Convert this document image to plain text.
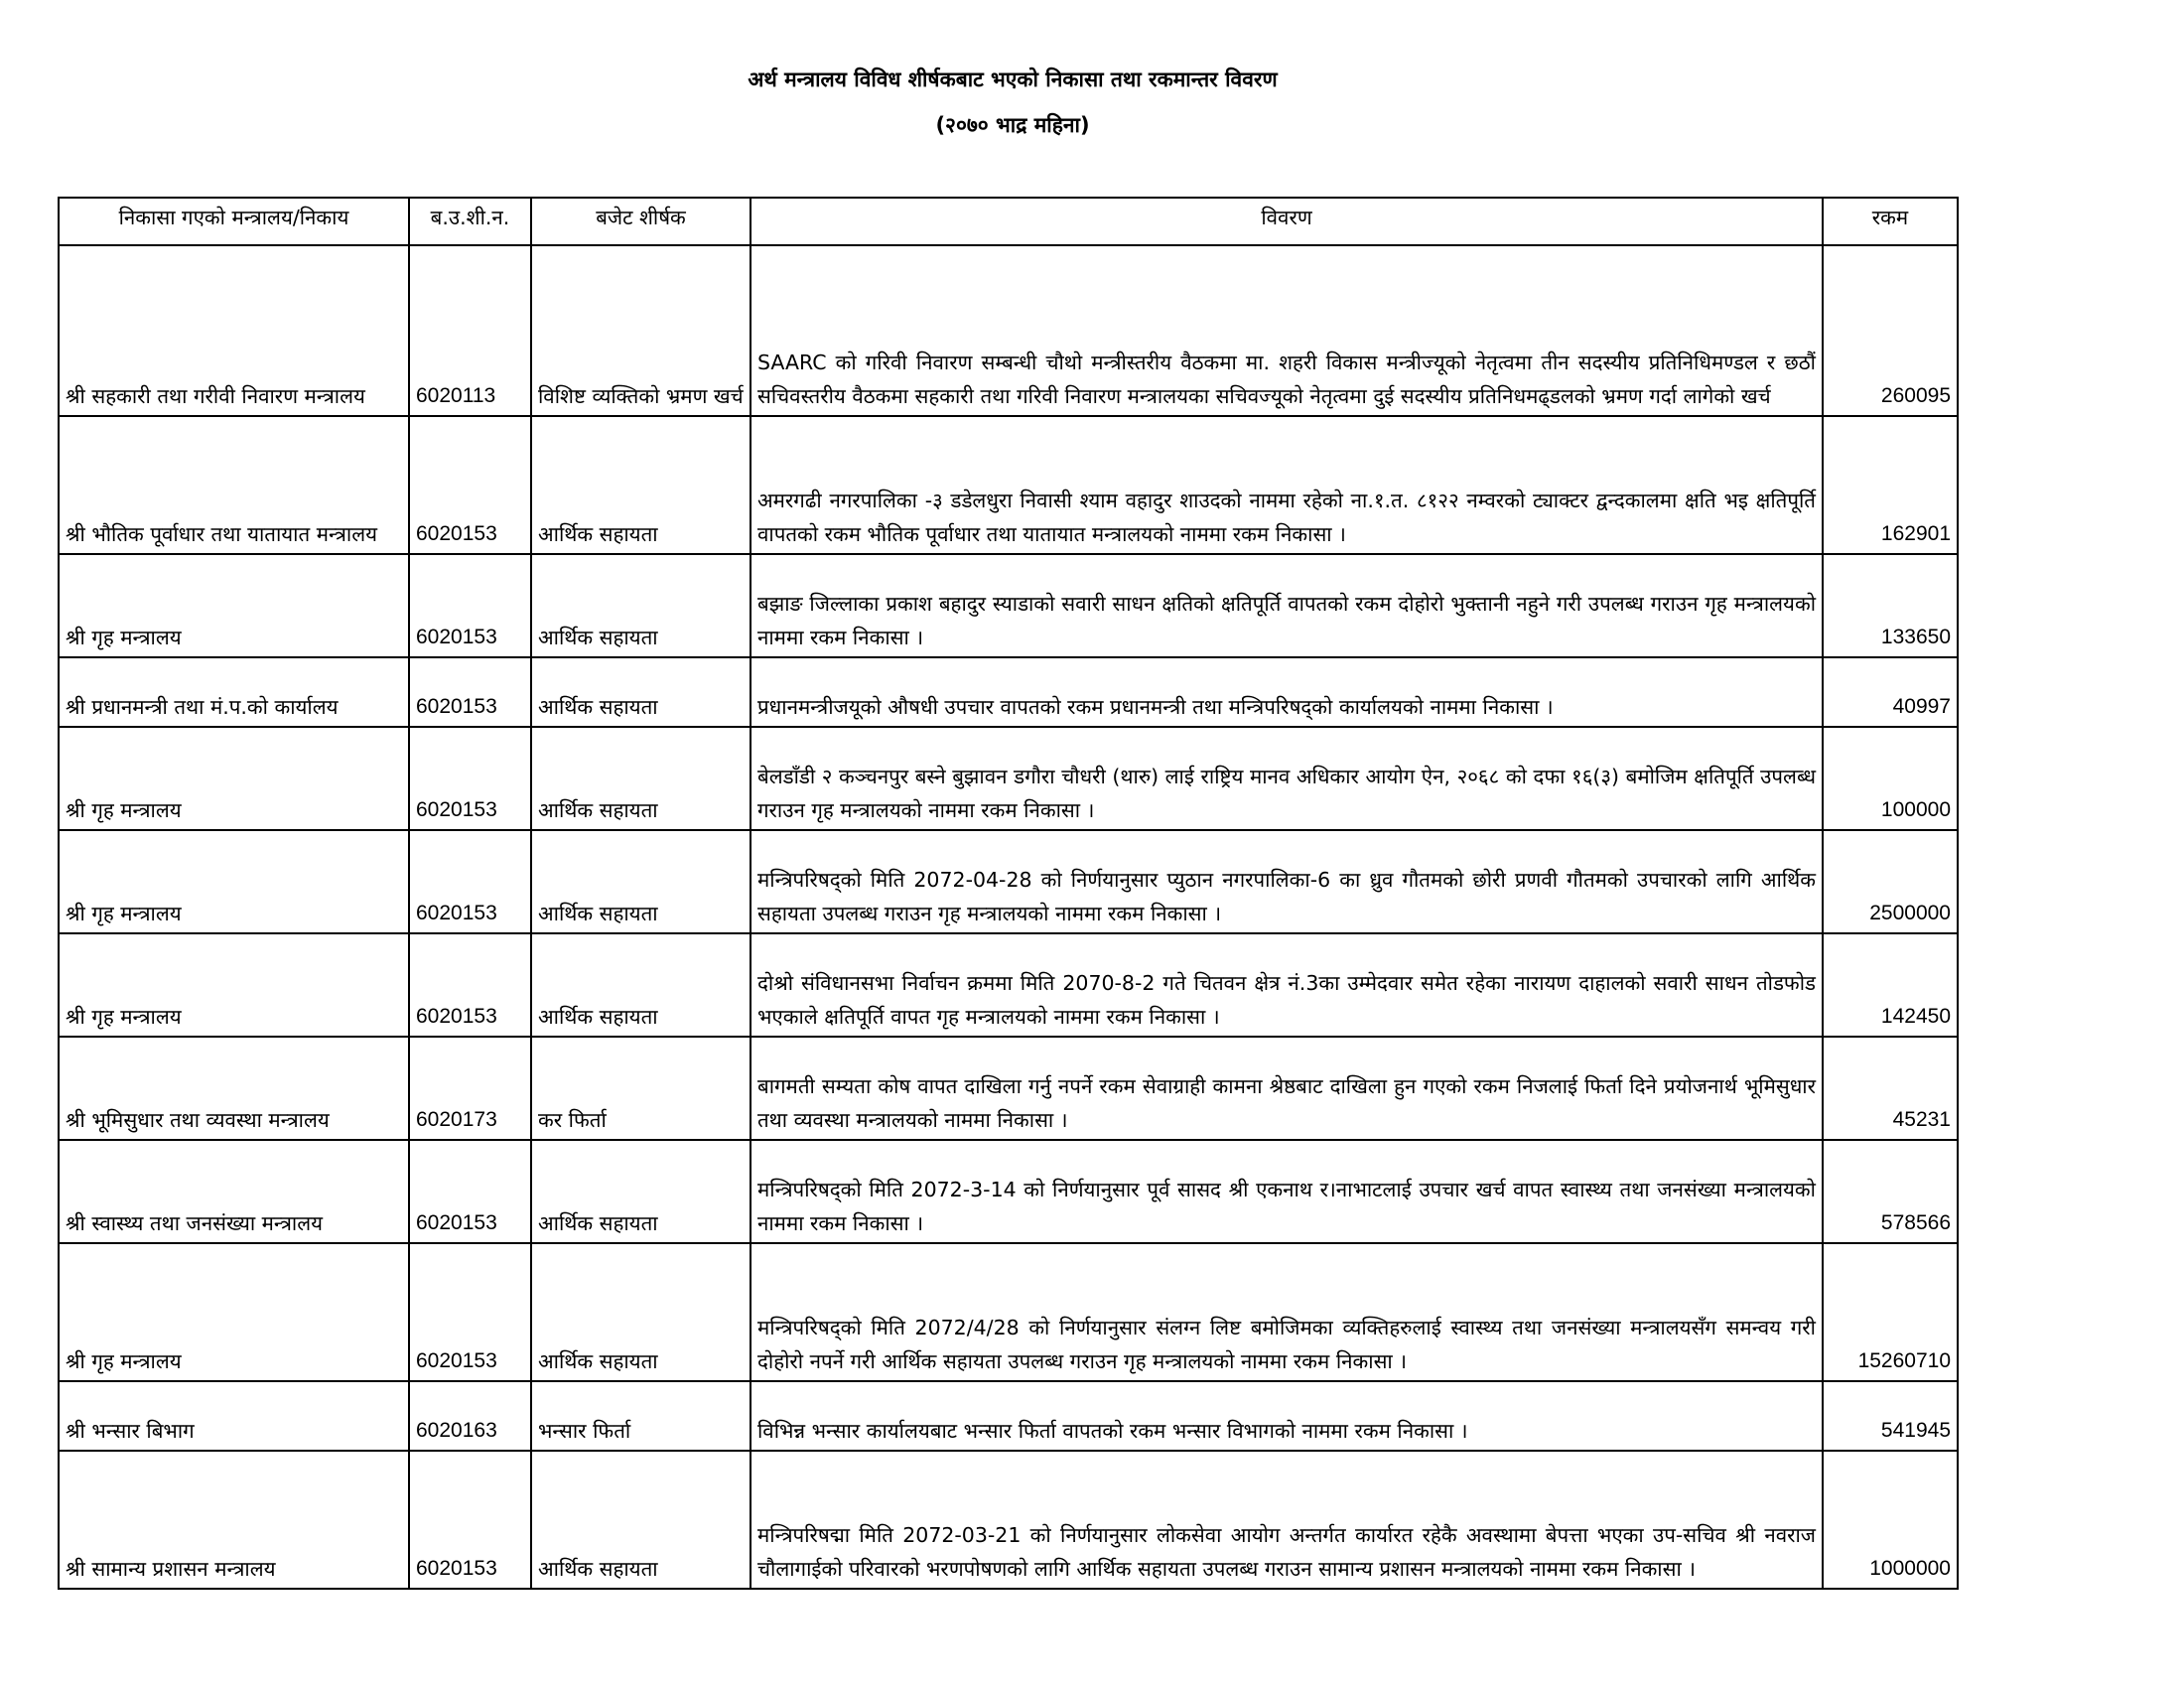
अर्थ मन्त्रालय विविध शीर्षकबाट भएको निकासा तथा रकमान्तर विवरण
(२०७० भाद्र महिना)
निकासा गएको मन्त्रालय/निकाय	ब.उ.शी.न.	बजेट शीर्षक	विवरण	रकम
श्री सहकारी तथा गरीवी निवारण मन्त्रालय	6020113	विशिष्ट व्यक्तिको भ्रमण खर्च	SAARC को गरिवी निवारण सम्बन्धी चौथो मन्त्रीस्तरीय वैठकमा मा. शहरी विकास मन्त्रीज्यूको नेतृत्वमा तीन सदस्यीय प्रतिनिधिमण्डल र छठौं सचिवस्तरीय वैठकमा सहकारी तथा गरिवी निवारण मन्त्रालयका सचिवज्यूको नेतृत्वमा दुई सदस्यीय प्रतिनिधमढ्डलको भ्रमण गर्दा लागेको खर्च	260095
श्री भौतिक पूर्वाधार तथा यातायात मन्त्रालय	6020153	आर्थिक सहायता	अमरगढी नगरपालिका -३ डडेलधुरा निवासी श्याम वहादुर शाउदको नाममा रहेको ना.१.त. ८१२२ नम्वरको ट्याक्टर द्वन्दकालमा क्षति भइ क्षतिपूर्ति वापतको रकम भौतिक पूर्वाधार तथा यातायात मन्त्रालयको नाममा रकम निकासा ।	162901
श्री गृह मन्त्रालय	6020153	आर्थिक सहायता	बझाङ जिल्लाका प्रकाश बहादुर स्याडाको सवारी साधन क्षतिको क्षतिपूर्ति वापतको रकम दोहोरो भुक्तानी नहुने गरी उपलब्ध गराउन गृह मन्त्रालयको नाममा रकम निकासा ।	133650
श्री प्रधानमन्त्री तथा मं.प.को कार्यालय	6020153	आर्थिक सहायता	प्रधानमन्त्रीजयूको औषधी उपचार वापतको रकम प्रधानमन्त्री तथा मन्त्रिपरिषद्को कार्यालयको नाममा निकासा ।	40997
श्री गृह मन्त्रालय	6020153	आर्थिक सहायता	बेलडाँडी २ कञ्चनपुर बस्ने बुझावन डगौरा चौधरी (थारु) लाई राष्ट्रिय मानव अधिकार आयोग ऐन, २०६८ को दफा १६(३) बमोजिम क्षतिपूर्ति उपलब्ध गराउन गृह मन्त्रालयको नाममा रकम निकासा ।	100000
श्री गृह मन्त्रालय	6020153	आर्थिक सहायता	मन्त्रिपरिषद्को मिति 2072-04-28 को निर्णयानुसार प्युठान नगरपालिका-6 का ध्रुव गौतमको छोरी प्रणवी गौतमको उपचारको लागि आर्थिक सहायता उपलब्ध गराउन गृह मन्त्रालयको नाममा रकम निकासा ।	2500000
श्री गृह मन्त्रालय	6020153	आर्थिक सहायता	दोश्रो संविधानसभा निर्वाचन क्रममा मिति 2070-8-2 गते चितवन क्षेत्र नं.3का उम्मेदवार समेत रहेका नारायण दाहालको सवारी साधन तोडफोड भएकाले क्षतिपूर्ति वापत गृह मन्त्रालयको नाममा रकम निकासा ।	142450
श्री भूमिसुधार तथा व्यवस्था मन्त्रालय	6020173	कर फिर्ता	बागमती सम्यता कोष वापत दाखिला गर्नु नपर्ने रकम सेवाग्राही कामना श्रेष्ठबाट दाखिला हुन गएको रकम निजलाई फिर्ता दिने प्रयोजनार्थ भूमिसुधार तथा व्यवस्था मन्त्रालयको नाममा निकासा ।	45231
श्री स्वास्थ्य तथा जनसंख्या मन्त्रालय	6020153	आर्थिक सहायता	मन्त्रिपरिषद्को मिति 2072-3-14 को निर्णयानुसार पूर्व सासद श्री एकनाथ र।नाभाटलाई उपचार खर्च वापत स्वास्थ्य तथा जनसंख्या मन्त्रालयको नाममा रकम निकासा ।	578566
श्री गृह मन्त्रालय	6020153	आर्थिक सहायता	मन्त्रिपरिषद्को मिति 2072/4/28 को निर्णयानुसार संलग्न लिष्ट बमोजिमका व्यक्तिहरुलाई स्वास्थ्य तथा जनसंख्या मन्त्रालयसँग समन्वय गरी दोहोरो नपर्ने गरी आर्थिक सहायता उपलब्ध गराउन गृह मन्त्रालयको नाममा रकम निकासा ।	15260710
श्री भन्सार बिभाग	6020163	भन्सार फिर्ता	विभिन्न भन्सार कार्यालयबाट भन्सार फिर्ता वापतको रकम भन्सार विभागको नाममा रकम निकासा ।	541945
श्री सामान्य प्रशासन मन्त्रालय	6020153	आर्थिक सहायता	मन्त्रिपरिषद्मा मिति 2072-03-21 को निर्णयानुसार लोकसेवा आयोग अन्तर्गत कार्यारत रहेकै अवस्थामा बेपत्ता भएका उप-सचिव श्री नवराज चौलागाईको परिवारको भरणपोषणको लागि आर्थिक सहायता उपलब्ध गराउन सामान्य प्रशासन मन्त्रालयको नाममा रकम निकासा ।	1000000
